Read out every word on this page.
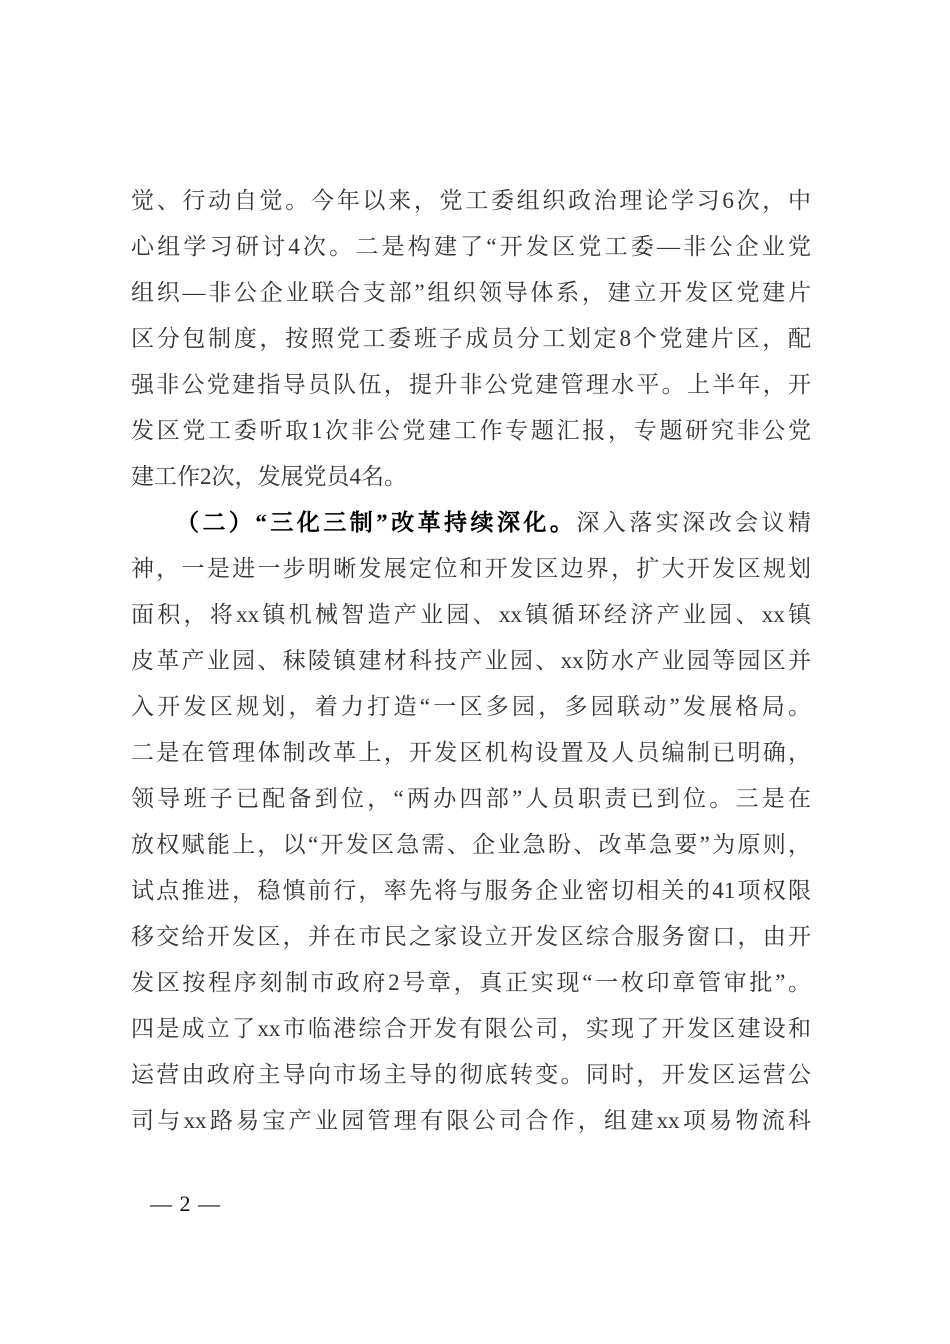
觉、行动自觉。今年以来，党工委组织政治理论学习6次，中
心组学习研讨4次。二是构建了“开发区党工委—非公企业党
组织—非公企业联合支部”组织领导体系，建立开发区党建片
区分包制度，按照党工委班子成员分工划定8个党建片区，配
强非公党建指导员队伍，提升非公党建管理水平。上半年，开
发区党工委听取1次非公党建工作专题汇报，专题研究非公党
建工作2次，发展党员4名。
（二）“三化三制”改革持续深化。深入落实深改会议精
神，一是进一步明晰发展定位和开发区边界，扩大开发区规划
面积，将xx镇机械智造产业园、xx镇循环经济产业园、xx镇
皮革产业园、秣陵镇建材科技产业园、xx防水产业园等园区并
入开发区规划，着力打造“一区多园，多园联动”发展格局。
二是在管理体制改革上，开发区机构设置及人员编制已明确，
领导班子已配备到位，“两办四部”人员职责已到位。三是在
放权赋能上，以“开发区急需、企业急盼、改革急要”为原则，
试点推进，稳慎前行，率先将与服务企业密切相关的41项权限
移交给开发区，并在市民之家设立开发区综合服务窗口，由开
发区按程序刻制市政府2号章，真正实现“一枚印章管审批”。
四是成立了xx市临港综合开发有限公司，实现了开发区建设和
运营由政府主导向市场主导的彻底转变。同时，开发区运营公
司与xx路易宝产业园管理有限公司合作，组建xx项易物流科
— 2 —
